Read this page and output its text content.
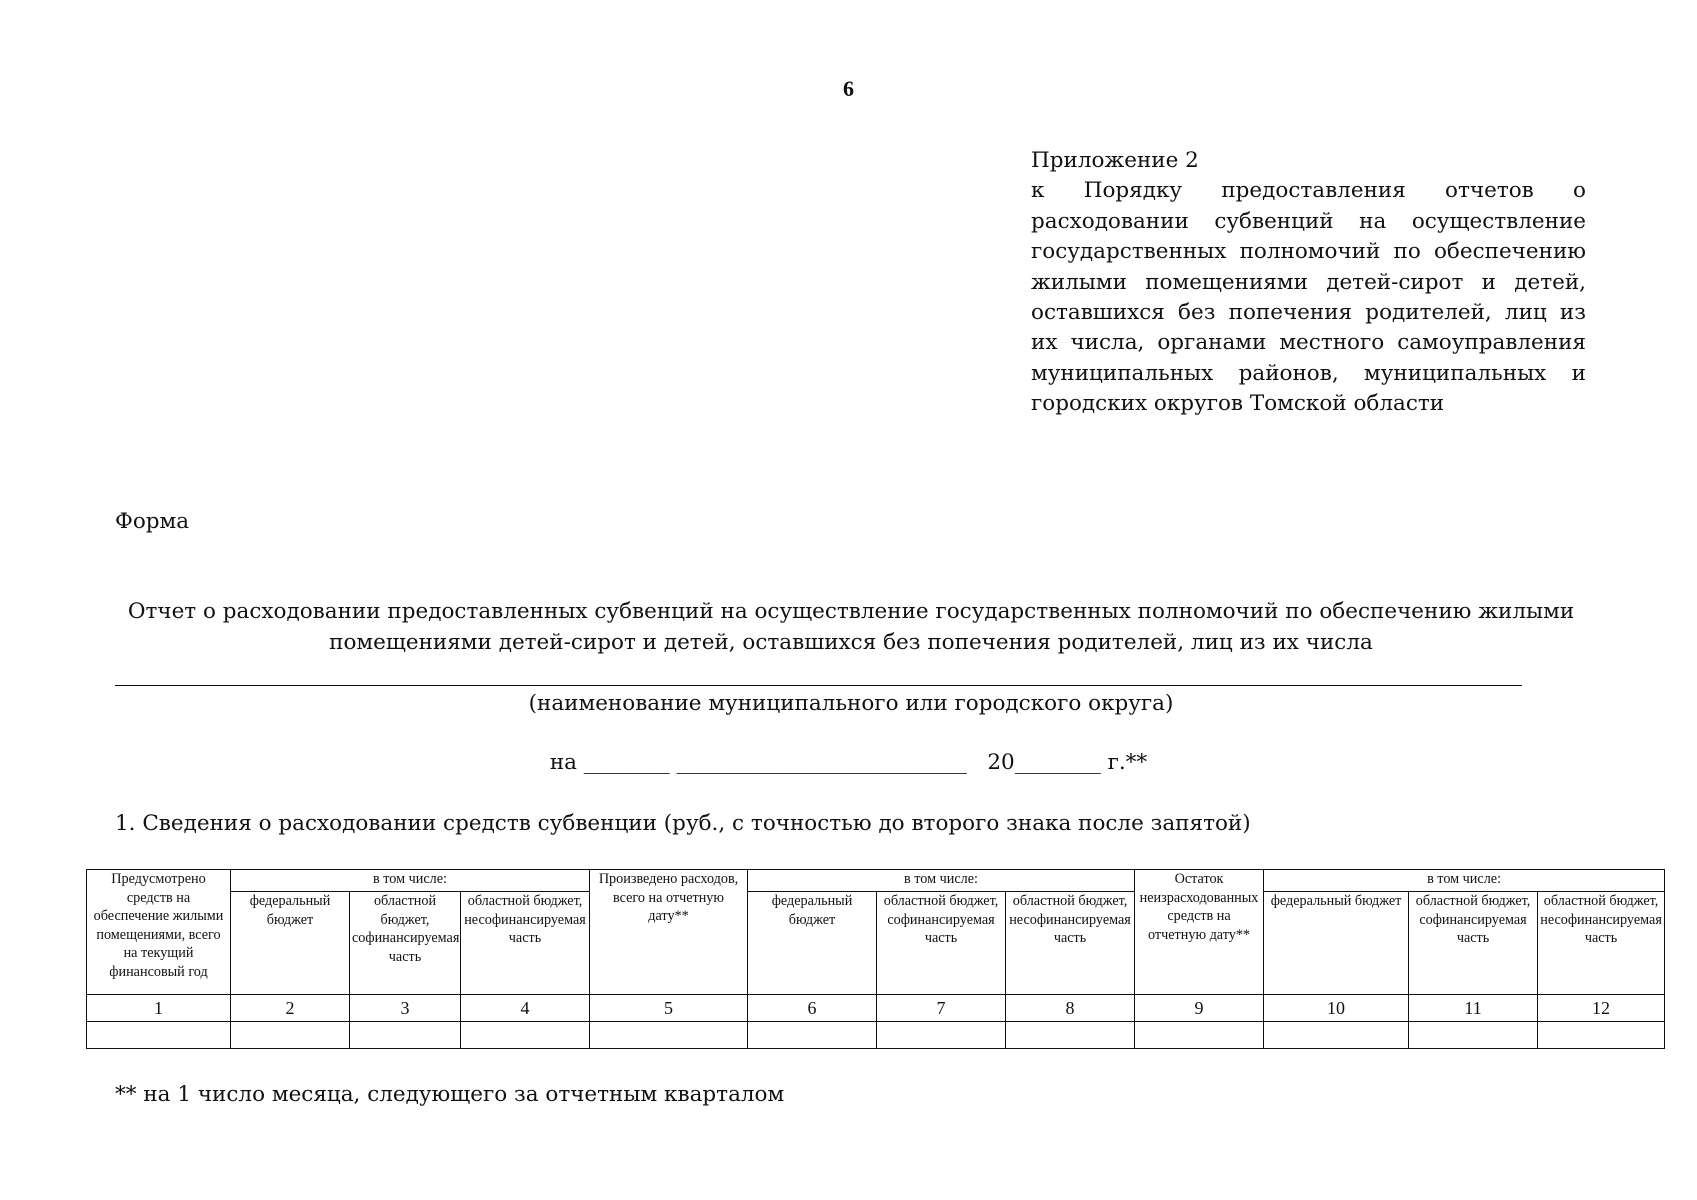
6
Приложение 2
к Порядку предоставления отчетов о расходовании субвенций на осуществление государственных полномочий по обеспечению жилыми помещениями детей-сирот и детей, оставшихся без попечения родителей, лиц из их числа, органами местного самоуправления муниципальных районов, муниципальных и городских округов Томской области
Форма
Отчет о расходовании предоставленных субвенций на осуществление государственных полномочий по обеспечению жилыми помещениями детей-сирот и детей, оставшихся без попечения родителей, лиц из их числа
(наименование муниципального или городского округа)
на ________ ___________________________   20________ г.**
1. Сведения о расходовании средств субвенции (руб., с точностью до второго знака после запятой)
Предусмотрено средств на обеспечение жилыми помещениями, всего на текущий финансовый год	в том числе:			Произведено расходов, всего на отчетную дату**	в том числе:			Остаток неизрасходованных средств на отчетную дату**	в том числе:		
	федеральный бюджет	областной бюджет, софинансируемая часть	областной бюджет, несофинансируемая часть		федеральный бюджет	областной бюджет, софинансируемая часть	областной бюджет, несофинансируемая часть		федеральный бюджет	областной бюджет, софинансируемая часть	областной бюджет, несофинансируемая часть
1	2	3	4	5	6	7	8	9	10	11	12

** на 1 число месяца, следующего за отчетным кварталом
